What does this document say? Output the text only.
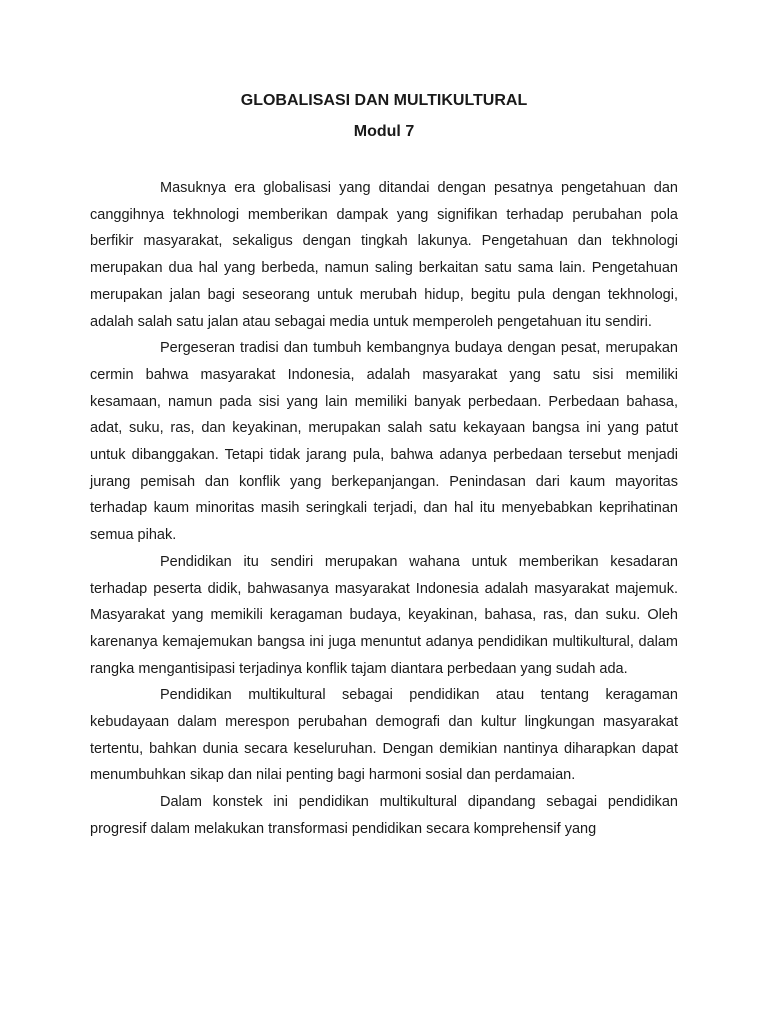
GLOBALISASI DAN MULTIKULTURAL
Modul 7

Masuknya era globalisasi yang ditandai dengan pesatnya pengetahuan dan canggihnya tekhnologi memberikan dampak yang signifikan terhadap perubahan pola berfikir masyarakat, sekaligus dengan tingkah lakunya. Pengetahuan dan tekhnologi merupakan dua hal yang berbeda, namun saling berkaitan satu sama lain. Pengetahuan merupakan jalan bagi seseorang untuk merubah hidup, begitu pula dengan tekhnologi, adalah salah satu jalan atau sebagai media untuk memperoleh pengetahuan itu sendiri.

Pergeseran tradisi dan tumbuh kembangnya budaya dengan pesat, merupakan cermin bahwa masyarakat Indonesia, adalah masyarakat yang satu sisi memiliki kesamaan, namun pada sisi yang lain memiliki banyak perbedaan. Perbedaan bahasa, adat, suku, ras, dan keyakinan, merupakan salah satu kekayaan bangsa ini yang patut untuk dibanggakan. Tetapi tidak jarang pula, bahwa adanya perbedaan tersebut menjadi jurang pemisah dan konflik yang berkepanjangan. Penindasan dari kaum mayoritas terhadap kaum minoritas masih seringkali terjadi, dan hal itu menyebabkan keprihatinan semua pihak.

Pendidikan itu sendiri merupakan wahana untuk memberikan kesadaran terhadap peserta didik, bahwasanya masyarakat Indonesia adalah masyarakat majemuk. Masyarakat yang memikili keragaman budaya, keyakinan, bahasa, ras, dan suku. Oleh karenanya kemajemukan bangsa ini juga menuntut adanya pendidikan multikultural, dalam rangka mengantisipasi terjadinya konflik tajam diantara perbedaan yang sudah ada.

Pendidikan multikultural sebagai pendidikan atau tentang keragaman kebudayaan dalam merespon perubahan demografi dan kultur lingkungan masyarakat tertentu, bahkan dunia secara keseluruhan. Dengan demikian nantinya diharapkan dapat menumbuhkan sikap dan nilai penting bagi harmoni sosial dan perdamaian.

Dalam konstek ini pendidikan multikultural dipandang sebagai pendidikan progresif dalam melakukan transformasi pendidikan secara komprehensif yang
